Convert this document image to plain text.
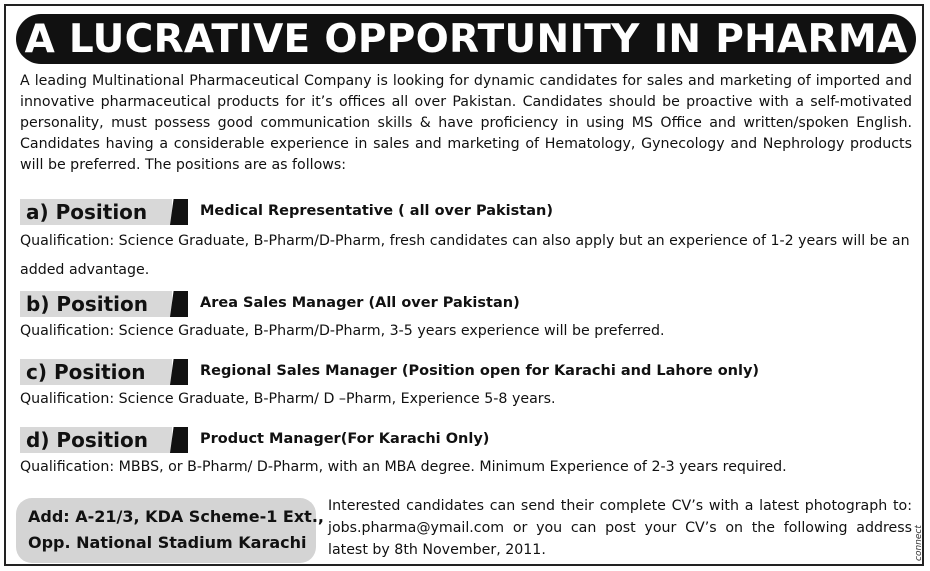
A LUCRATIVE OPPORTUNITY IN PHARMA

A leading Multinational Pharmaceutical Company is looking for dynamic candidates for sales and marketing of imported and innovative pharmaceutical products for it’s offices all over Pakistan. Candidates should be proactive with a self-motivated personality, must possess good communication skills & have proficiency in using MS Office and written/spoken English. Candidates having a considerable experience in sales and marketing of Hematology, Gynecology and Nephrology products will be preferred. The positions are as follows:

a) Position	Medical Representative ( all over Pakistan)

Qualification: Science Graduate, B-Pharm/D-Pharm, fresh candidates can also apply but an experience of 1-2 years will be an added advantage.

b) Position	Area Sales Manager (All over Pakistan)

Qualification: Science Graduate, B-Pharm/D-Pharm, 3-5 years experience will be preferred.

c) Position	Regional Sales Manager (Position open for Karachi and Lahore only)

Qualification: Science Graduate, B-Pharm/ D –Pharm, Experience 5-8 years.

d) Position	Product Manager(For Karachi Only)

Qualification: MBBS, or B-Pharm/ D-Pharm, with an MBA degree. Minimum Experience of 2-3 years required.

Add: A-21/3, KDA Scheme-1 Ext.,
Opp. National Stadium Karachi

Interested candidates can send their complete CV’s with a latest photograph to: jobs.pharma@ymail.com or you can post your CV’s on the following address latest by 8th November, 2011.	connect
